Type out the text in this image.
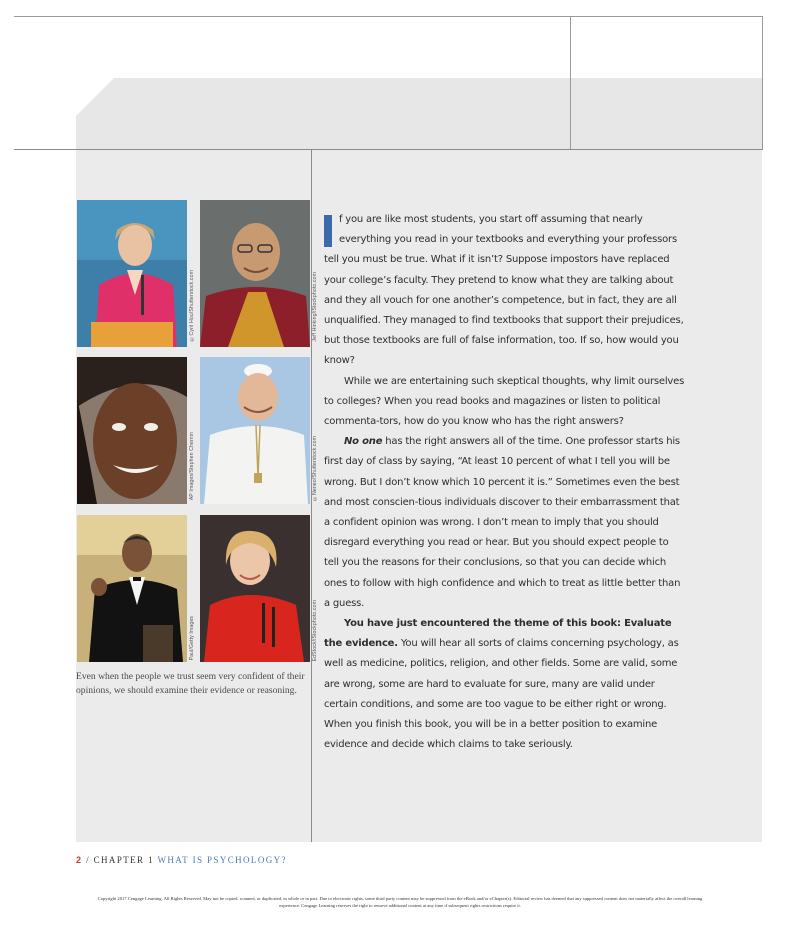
©Cyril Hou/Shutterstock.com	Jeff Hinking/iStockphoto.com
AP Images/Stephen Chernin	©Neneo/Shutterstock.com
Paul/Getty Images	EdStock/iStockphoto.com
Even when the people we trust seem very confident of their opinions, we should examine their evidence or reasoning.

f you are like most students, you start off assuming that nearly everything you read in your textbooks and everything your professors tell you must be true. What if it isn’t? Suppose impostors have replaced your college’s faculty. They pretend to know what they are talking about and they all vouch for one another’s competence, but in fact, they are all unqualified. They managed to find textbooks that support their prejudices, but those textbooks are full of false information, too. If so, how would you know?

While we are entertaining such skeptical thoughts, why limit ourselves to colleges? When you read books and magazines or listen to political commenta-tors, how do you know who has the right answers?

No one has the right answers all of the time. One professor starts his first day of class by saying, “At least 10 percent of what I tell you will be wrong. But I don’t know which 10 percent it is.” Sometimes even the best and most conscien-tious individuals discover to their embarrassment that a confident opinion was wrong. I don’t mean to imply that you should disregard everything you read or hear. But you should expect people to tell you the reasons for their conclusions, so that you can decide which ones to follow with high confidence and which to treat as little better than a guess.

You have just encountered the theme of this book: Evaluate the evidence. You will hear all sorts of claims concerning psychology, as well as medicine, politics, religion, and other fields. Some are valid, some are wrong, some are hard to evaluate for sure, many are valid under certain conditions, and some are too vague to be either right or wrong. When you finish this book, you will be in a better position to examine evidence and decide which claims to take seriously.

2 / CHAPTER 1 WHAT IS PSYCHOLOGY?
Copyright 2017 Cengage Learning. All Rights Reserved. May not be copied, scanned, or duplicated, in whole or in part. Due to electronic rights, some third party content may be suppressed from the eBook and/or eChapter(s). Editorial review has deemed that any suppressed content does not materially affect the overall learning experience. Cengage Learning reserves the right to remove additional content at any time if subsequent rights restrictions require it.
